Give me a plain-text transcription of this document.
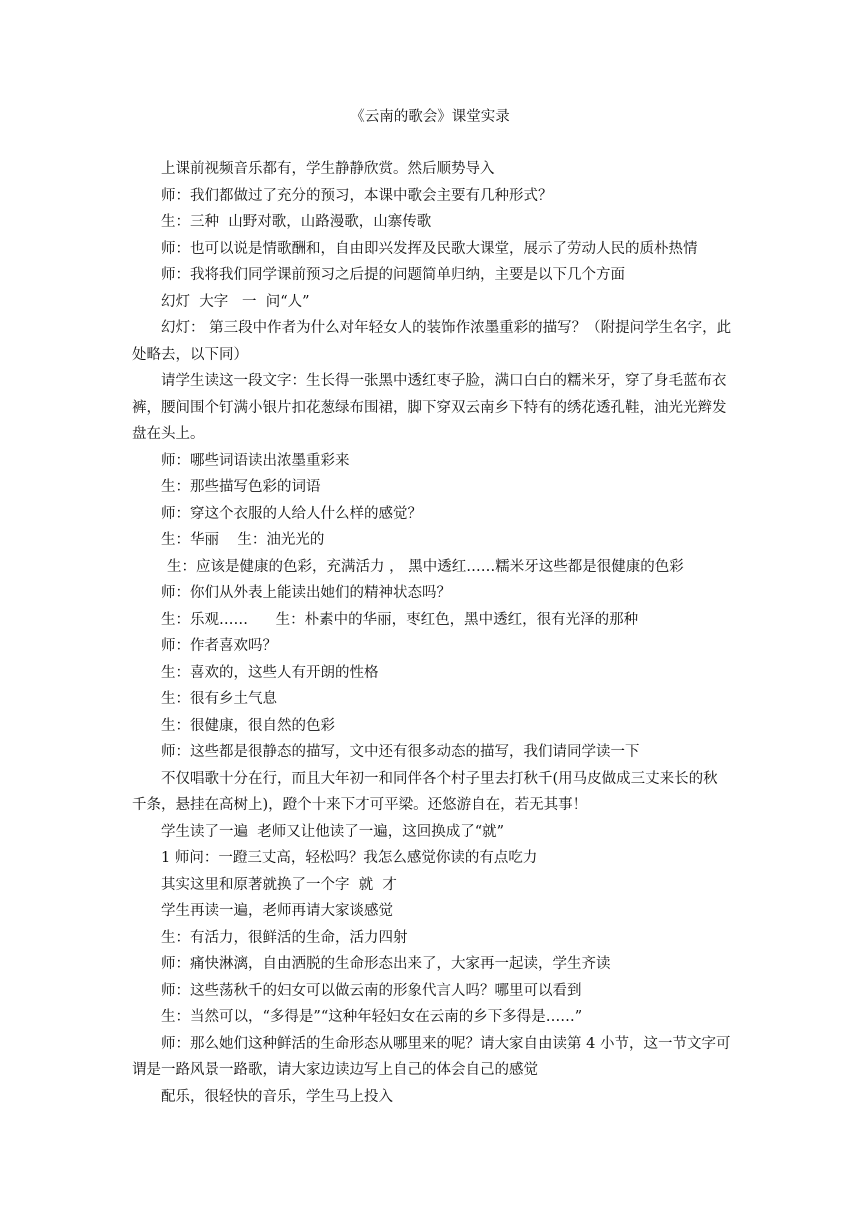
《云南的歌会》课堂实录

上课前视频音乐都有，学生静静欣赏。然后顺势导入

师：我们都做过了充分的预习，本课中歌会主要有几种形式？

生：三种  山野对歌，山路漫歌，山寨传歌

师：也可以说是情歌酬和，自由即兴发挥及民歌大课堂，展示了劳动人民的质朴热情

师：我将我们同学课前预习之后提的问题简单归纳，主要是以下几个方面

幻灯  大字   一  问“人”

幻灯： 第三段中作者为什么对年轻女人的装饰作浓墨重彩的描写？（附提问学生名字，此处略去，以下同）

请学生读这一段文字：生长得一张黑中透红枣子脸，满口白白的糯米牙，穿了身毛蓝布衣裤，腰间围个钉满小银片扣花葱绿布围裙，脚下穿双云南乡下特有的绣花透孔鞋，油光光辫发盘在头上。

师：哪些词语读出浓墨重彩来

生：那些描写色彩的词语

师：穿这个衣服的人给人什么样的感觉？

生：华丽    生：油光光的

生：应该是健康的色彩，充满活力 ， 黑中透红……糯米牙这些都是很健康的色彩

师：你们从外表上能读出她们的精神状态吗？

生：乐观……      生：朴素中的华丽，枣红色，黑中透红，很有光泽的那种

师：作者喜欢吗？

生：喜欢的，这些人有开朗的性格

生：很有乡土气息

生：很健康，很自然的色彩

师：这些都是很静态的描写，文中还有很多动态的描写，我们请同学读一下

不仅唱歌十分在行，而且大年初一和同伴各个村子里去打秋千(用马皮做成三丈来长的秋千条，悬挂在高树上)，蹬个十来下才可平梁。还悠游自在，若无其事！

学生读了一遍  老师又让他读了一遍，这回换成了“就”

1 师问：一蹬三丈高，轻松吗？我怎么感觉你读的有点吃力

其实这里和原著就换了一个字  就  才

学生再读一遍，老师再请大家谈感觉

生：有活力，很鲜活的生命，活力四射

师：痛快淋漓，自由洒脱的生命形态出来了，大家再一起读，学生齐读

师：这些荡秋千的妇女可以做云南的形象代言人吗？哪里可以看到

生：当然可以，“多得是”“这种年轻妇女在云南的乡下多得是……”

师：那么她们这种鲜活的生命形态从哪里来的呢？请大家自由读第 4 小节，这一节文字可谓是一路风景一路歌，请大家边读边写上自己的体会自己的感觉

配乐，很轻快的音乐，学生马上投入
